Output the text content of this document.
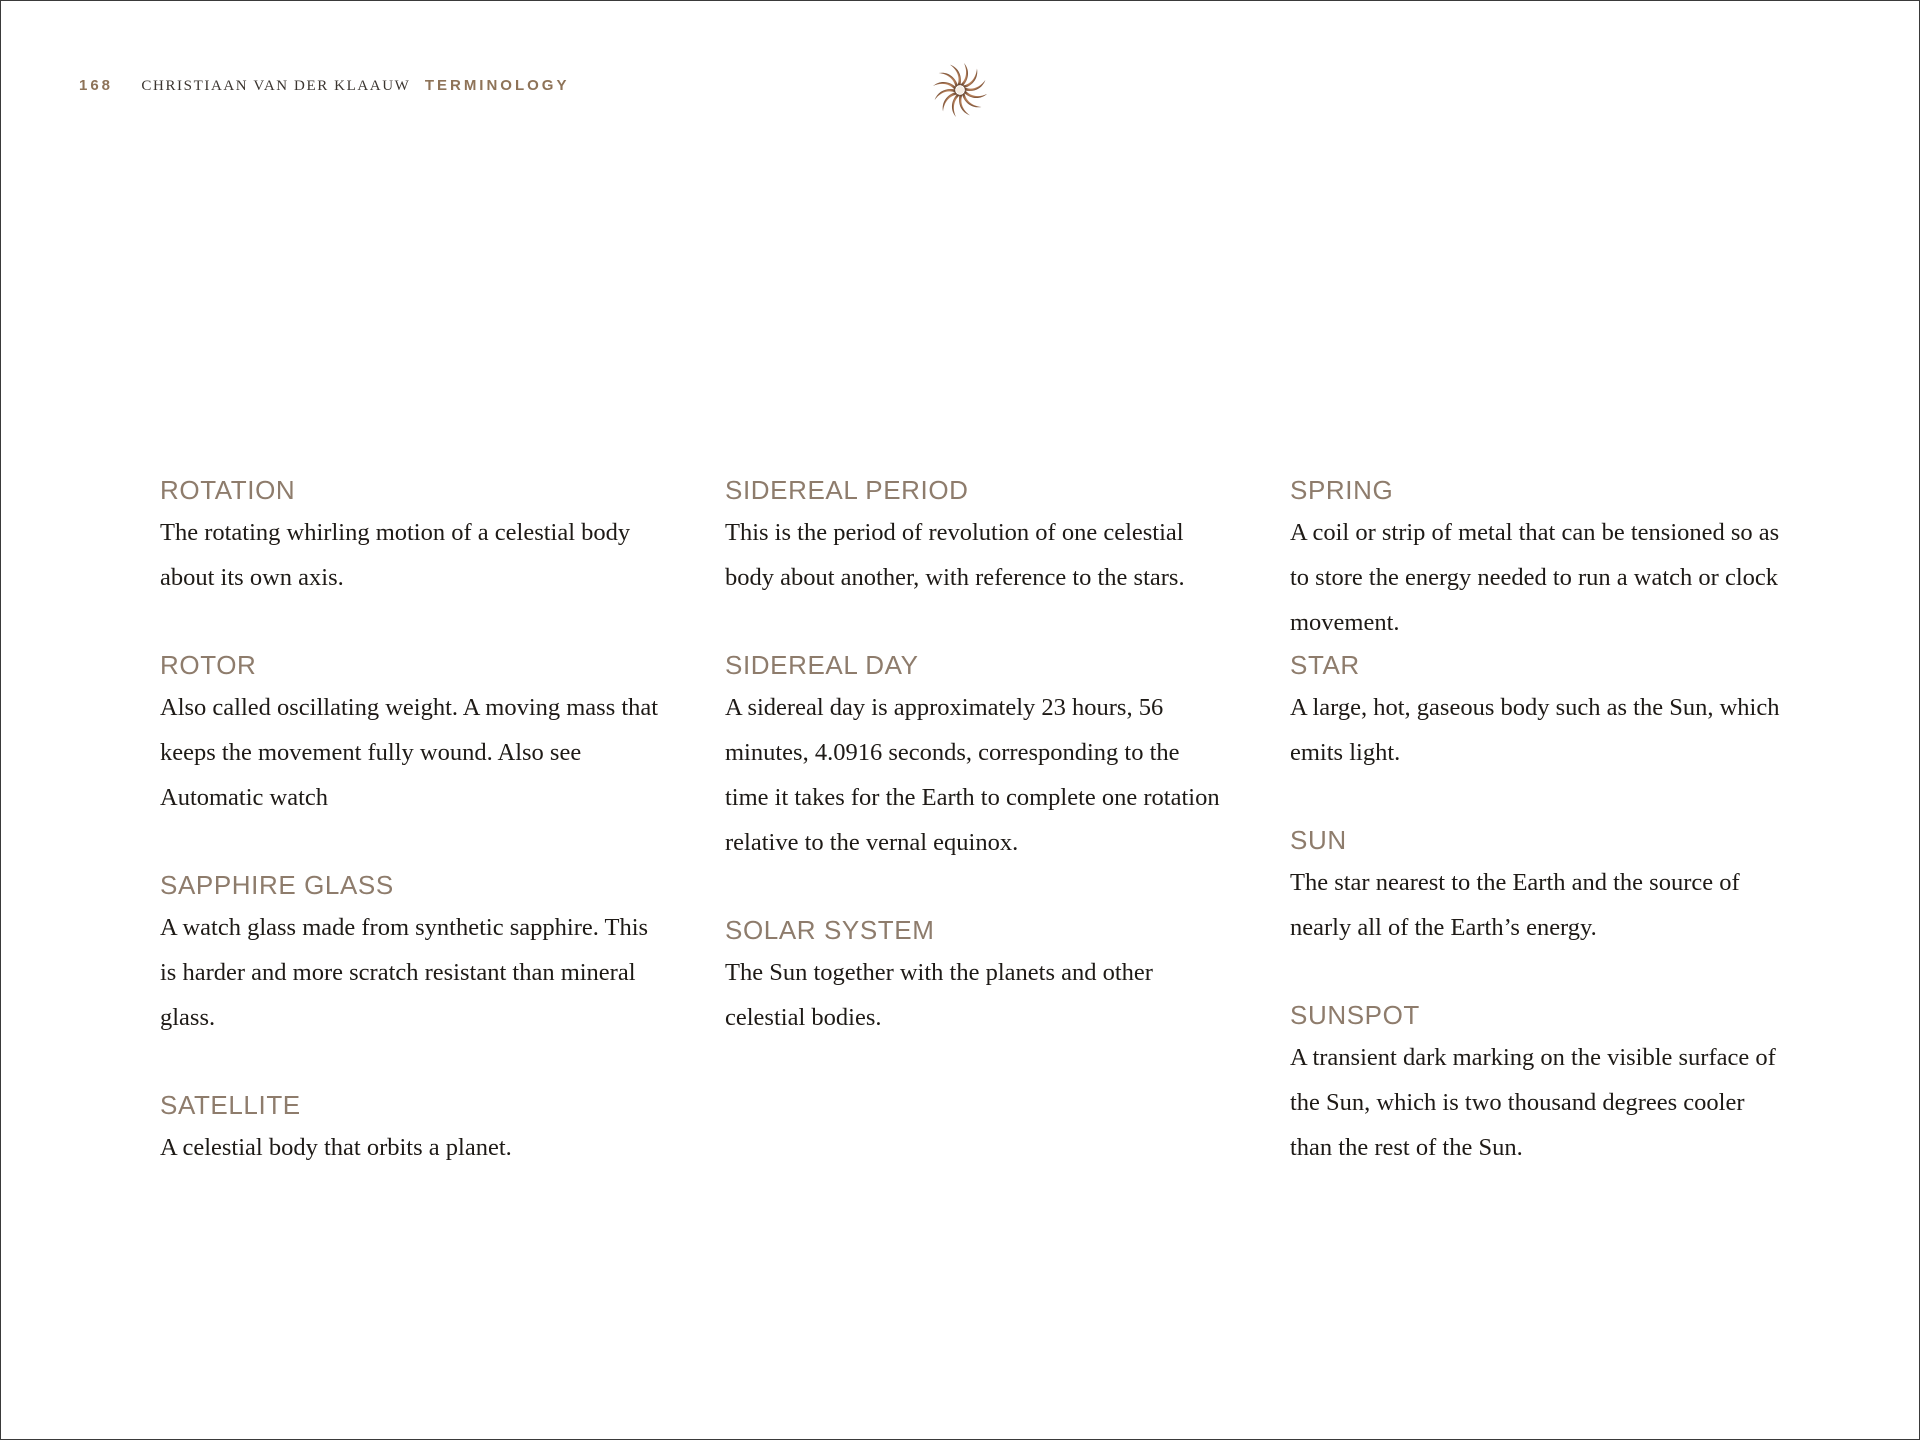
168 CHRISTIAAN VAN DER KLAAUW TERMINOLOGY
ROTATION

The rotating whirling motion of a celestial body about its own axis.

ROTOR

Also called oscillating weight. A moving mass that keeps the movement fully wound. Also see Automatic watch

SAPPHIRE GLASS

A watch glass made from synthetic sapphire. This is harder and more scratch resistant than mineral glass.

SATELLITE

A celestial body that orbits a planet.

SIDEREAL PERIOD

This is the period of revolution of one celestial body about another, with reference to the stars.

SIDEREAL DAY

A sidereal day is approximately 23 hours, 56 minutes, 4.0916 seconds, corresponding to the time it takes for the Earth to complete one rotation relative to the vernal equinox.

SOLAR SYSTEM

The Sun together with the planets and other celestial bodies.

SPRING

A coil or strip of metal that can be tensioned so as to store the energy needed to run a watch or clock movement.

STAR

A large, hot, gaseous body such as the Sun, which emits light.

SUN

The star nearest to the Earth and the source of nearly all of the Earth’s energy.

SUNSPOT

A transient dark marking on the visible surface of the Sun, which is two thousand degrees cooler than the rest of the Sun.
